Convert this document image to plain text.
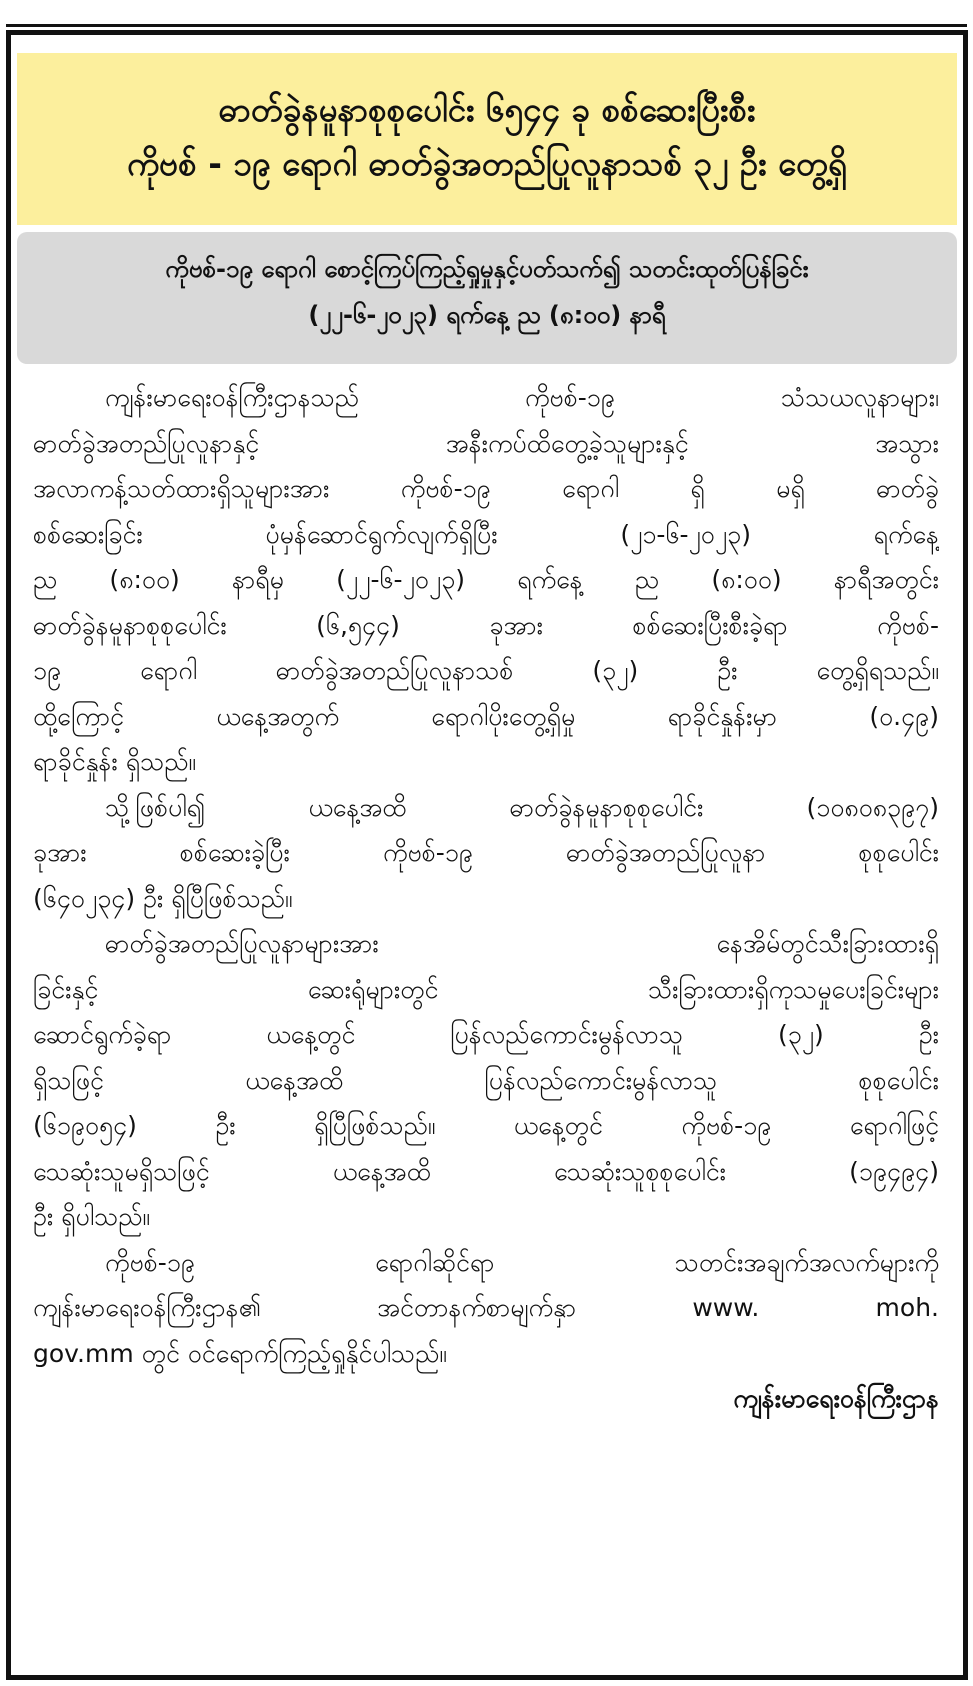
ဓာတ်ခွဲနမူနာစုစုပေါင်း ၆၅၄၄ ခု စစ်ဆေးပြီးစီး
ကိုဗစ် - ၁၉ ရောဂါ ဓာတ်ခွဲအတည်ပြုလူနာသစ် ၃၂ ဦး တွေ့ရှိ
ကိုဗစ်-၁၉ ရောဂါ စောင့်ကြပ်ကြည့်ရှုမှုနှင့်ပတ်သက်၍ သတင်းထုတ်ပြန်ခြင်း
(၂၂-၆-၂၀၂၃) ရက်နေ့ ည (၈:၀၀) နာရီ
ကျန်းမာရေးဝန်ကြီးဌာနသည် ကိုဗစ်-၁၉ သံသယလူနာများ၊
ဓာတ်ခွဲအတည်ပြုလူနာနှင့် အနီးကပ်ထိတွေ့ခဲ့သူများနှင့် အသွား
အလာကန့်သတ်ထားရှိသူများအား ကိုဗစ်-၁၉ ရောဂါ ရှိ မရှိ ဓာတ်ခွဲ
စစ်ဆေးခြင်း ပုံမှန်ဆောင်ရွက်လျက်ရှိပြီး (၂၁-၆-၂၀၂၃) ရက်နေ့
ည (၈:၀၀) နာရီမှ (၂၂-၆-၂၀၂၃) ရက်နေ့ ည (၈:၀၀) နာရီအတွင်း
ဓာတ်ခွဲနမူနာစုစုပေါင်း (၆,၅၄၄) ခုအား စစ်ဆေးပြီးစီးခဲ့ရာ ကိုဗစ်-
၁၉ ရောဂါ ဓာတ်ခွဲအတည်ပြုလူနာသစ် (၃၂) ဦး တွေ့ရှိရသည်။
ထို့ကြောင့် ယနေ့အတွက် ရောဂါပိုးတွေ့ရှိမှု ရာခိုင်နှုန်းမှာ (၀.၄၉)
ရာခိုင်နှုန်း ရှိသည်။
သို့ဖြစ်ပါ၍ ယနေ့အထိ ဓာတ်ခွဲနမူနာစုစုပေါင်း (၁၀၈၀၈၃၉၇)
ခုအား စစ်ဆေးခဲ့ပြီး ကိုဗစ်-၁၉ ဓာတ်ခွဲအတည်ပြုလူနာ စုစုပေါင်း
(၆၄၀၂၃၄) ဦး ရှိပြီဖြစ်သည်။
ဓာတ်ခွဲအတည်ပြုလူနာများအား နေအိမ်တွင်သီးခြားထားရှိ
ခြင်းနှင့် ဆေးရုံများတွင် သီးခြားထားရှိကုသမှုပေးခြင်းများ
ဆောင်ရွက်ခဲ့ရာ ယနေ့တွင် ပြန်လည်ကောင်းမွန်လာသူ (၃၂) ဦး
ရှိသဖြင့် ယနေ့အထိ ပြန်လည်ကောင်းမွန်လာသူ စုစုပေါင်း
(၆၁၉၀၅၄) ဦး ရှိပြီဖြစ်သည်။ ယနေ့တွင် ကိုဗစ်-၁၉ ရောဂါဖြင့်
သေဆုံးသူမရှိသဖြင့် ယနေ့အထိ သေဆုံးသူစုစုပေါင်း (၁၉၄၉၄)
ဦး ရှိပါသည်။
ကိုဗစ်-၁၉ ရောဂါဆိုင်ရာ သတင်းအချက်အလက်များကို
ကျန်းမာရေးဝန်ကြီးဌာန၏ အင်တာနက်စာမျက်နှာ www. moh.
gov.mm တွင် ဝင်ရောက်ကြည့်ရှုနိုင်ပါသည်။
ကျန်းမာရေးဝန်ကြီးဌာန
